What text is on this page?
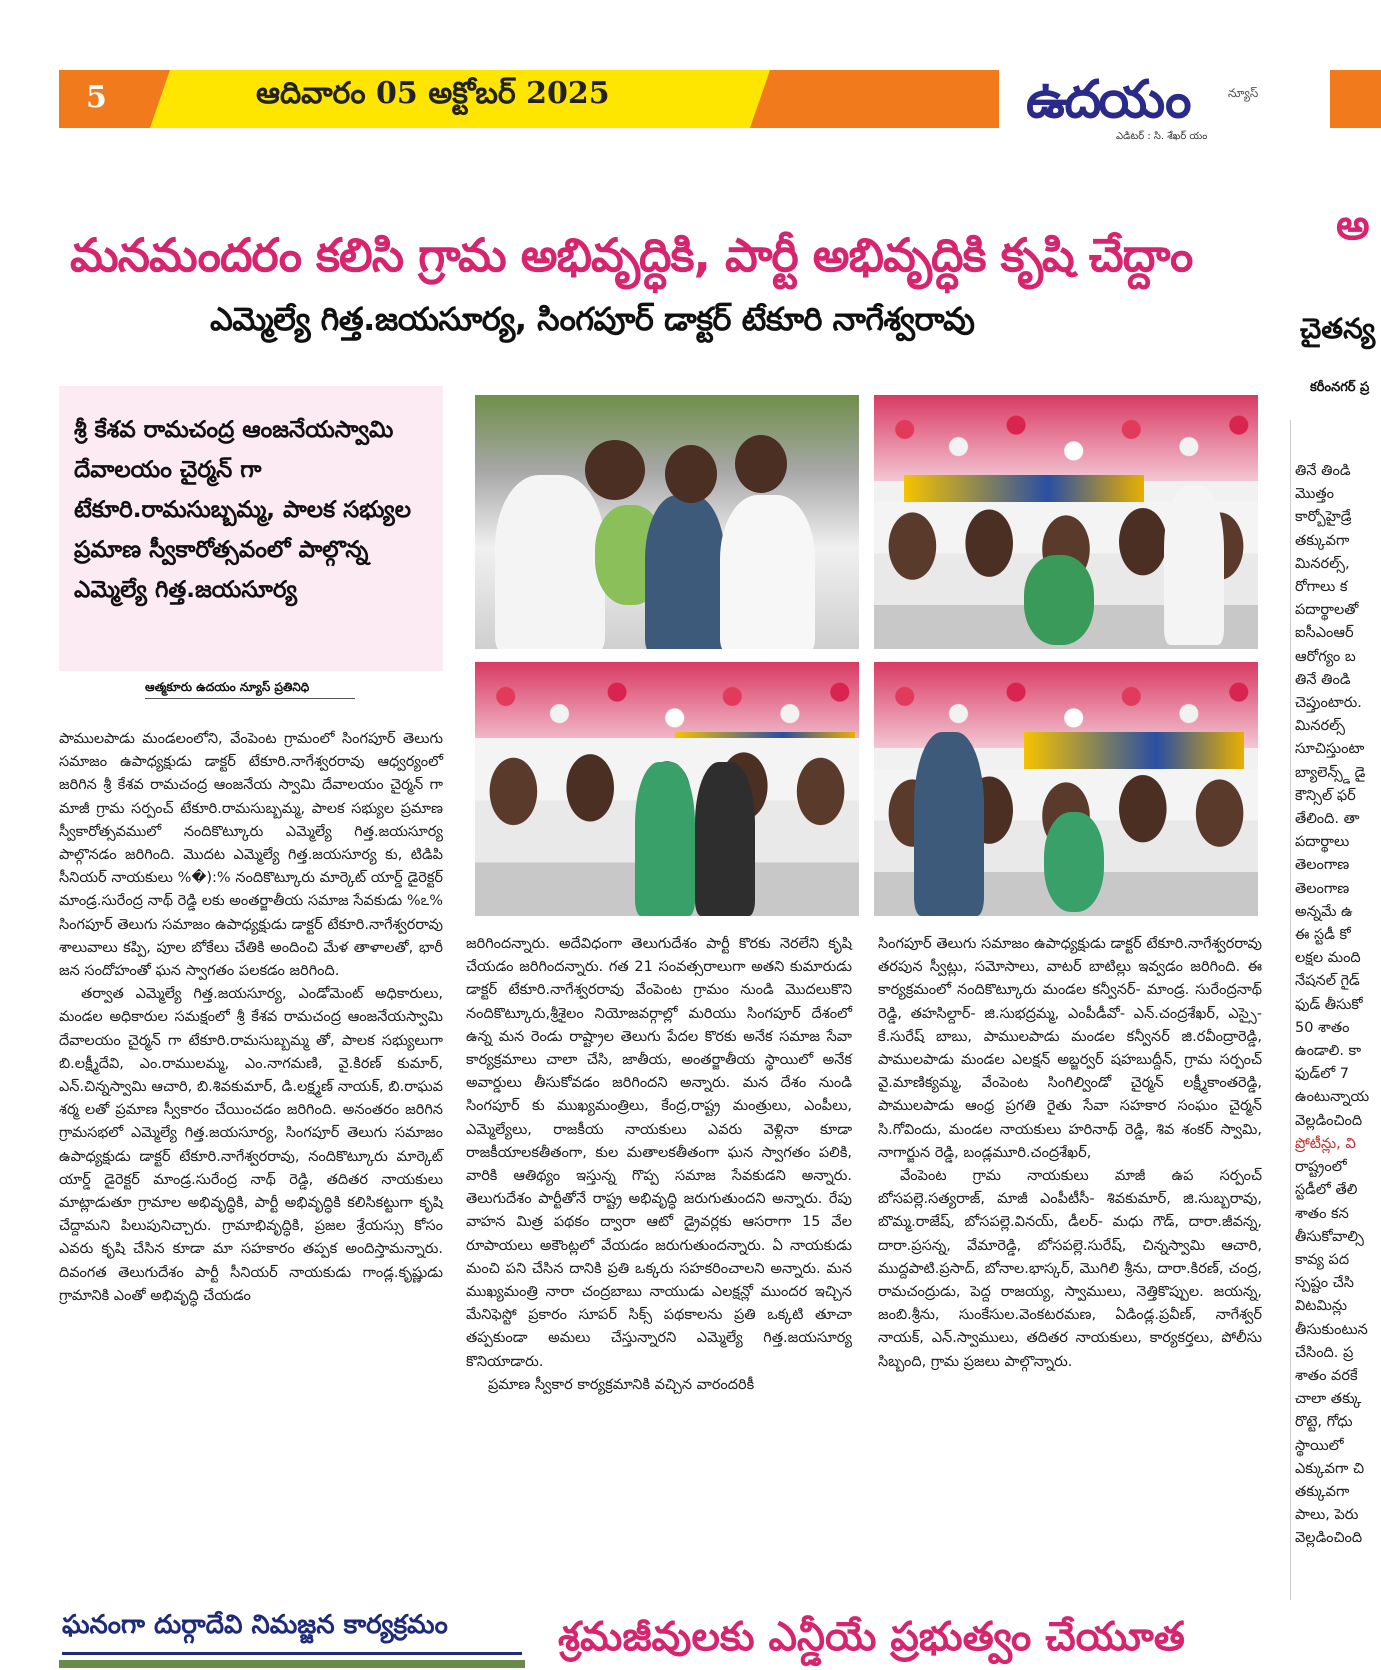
5	ఆదివారం 05 అక్టోబర్ 2025	ఉదయం	న్యూస్
ఎడిటర్ : సి. శేఖర్ యం
మనమందరం కలిసి గ్రామ అభివృద్ధికి, పార్టీ అభివృద్ధికి కృషి చేద్దాం
ఎమ్మెల్యే గిత్త.జయసూర్య, సింగపూర్ డాక్టర్ టేకూరి నాగేశ్వరావు
అ
చైతన్య
కరీంనగర్ ప్ర
తినే తిండి
మొత్తం
కార్బోహైడ్రే
తక్కువగా
మినరల్స్,
రోగాలు క
పదార్థాలతో
ఐసీఎంఆర్
ఆరోగ్యం బ
తినే తిండి
చెప్తుంటారు.
మినరల్స్
సూచిస్తుంటా
బ్యాలెన్స్డ్ డై
కౌన్సిల్ ఫర్
తేలింది. తా
పదార్థాలు
తెలంగాణ
తెలంగాణ
అన్నమే ఉ
ఈ స్టడీ కో
లక్షల మంది
నేషనల్ గైడ్
ఫుడ్ తీసుకో
50 శాతం
ఉండాలి. కా
ఫుడ్‌లో 7
ఉంటున్నాయ
వెల్లడించింది
ప్రోటీన్లు, వి
రాష్ట్రంలో
స్టడీలో తేలి
శాతం కన
తీసుకోవాల్సి
కావ్య పద
స్పష్టం చేసి
విటమిన్లు
తీసుకుంటున
చేసింది. ప్ర
శాతం వరకే
చాలా తక్కు
రొట్టె, గోధు
స్థాయిలో
ఎక్కువగా చి
తక్కువగా
పాలు, పెరు
వెల్లడించింది
శ్రీ కేశవ రామచంద్ర ఆంజనేయస్వామి దేవాలయం చైర్మన్ గా టేకూరి.రామసుబ్బమ్మ, పాలక సభ్యుల ప్రమాణ స్వీకారోత్సవంలో పాల్గొన్న ఎమ్మెల్యే గిత్త.జయసూర్య
ఆత్మకూరు ఉదయం న్యూస్ ప్రతినిధి

పాములపాడు మండలంలోని, వేంపెంట గ్రామంలో సింగపూర్ తెలుగు సమాజం ఉపాధ్యక్షుడు డాక్టర్ టేకూరి.నాగేశ్వరరావు ఆధ్వర్యంలో జరిగిన శ్రీ కేశవ రామచంద్ర ఆంజనేయ స్వామి దేవాలయం చైర్మన్ గా మాజీ గ్రామ సర్పంచ్ టేకూరి.రామసుబ్బమ్మ, పాలక సభ్యుల ప్రమాణ స్వీకారోత్సవములో నందికొట్కూరు ఎమ్మెల్యే గిత్త.జయసూర్య పాల్గొనడం జరిగింది. మొదట ఎమ్మెల్యే గిత్త.జయసూర్య కు, టిడిపి సీనియర్ నాయకులు %�):% నందికొట్కూరు మార్కెట్ యార్డ్ డైరెక్టర్ మాండ్ర.సురేంద్ర నాథ్ రెడ్డి లకు అంతర్జాతీయ సమాజ సేవకుడు %ఽ% సింగపూర్ తెలుగు సమాజం ఉపాధ్యక్షుడు డాక్టర్ టేకూరి.నాగేశ్వరరావు శాలువాలు కప్పి, పూల బోకేలు చేతికి అందించి మేళ తాళాలతో, భారీ జన సందోహంతో ఘన స్వాగతం పలకడం జరిగింది.

తర్వాత ఎమ్మెల్యే గిత్త.జయసూర్య, ఎండోమెంట్ అధికారులు, మండల అధికారుల సమక్షంలో శ్రీ కేశవ రామచంద్ర ఆంజనేయస్వామి దేవాలయం చైర్మన్ గా టేకూరి.రామసుబ్బమ్మ తో, పాలక సభ్యులుగా బి.లక్ష్మీదేవి, ఎం.రాములమ్మ, ఎం.నాగమణి, వై.కిరణ్ కుమార్, ఎన్.చిన్నస్వామి ఆచారి, బి.శివకుమార్, డి.లక్ష్మణ్ నాయక్, బి.రాఘవ శర్మ లతో ప్రమాణ స్వీకారం చేయించడం జరిగింది. అనంతరం జరిగిన గ్రామసభలో ఎమ్మెల్యే గిత్త.జయసూర్య, సింగపూర్ తెలుగు సమాజం ఉపాధ్యక్షుడు డాక్టర్ టేకూరి.నాగేశ్వరరావు, నందికొట్కూరు మార్కెట్ యార్డ్ డైరెక్టర్ మాండ్ర.సురేంద్ర నాథ్ రెడ్డి, తదితర నాయకులు మాట్లాడుతూ గ్రామాల అభివృద్ధికి, పార్టీ అభివృద్ధికి కలిసికట్టుగా కృషి చేద్దామని పిలుపునిచ్చారు. గ్రామాభివృద్ధికి, ప్రజల శ్రేయస్సు కోసం ఎవరు కృషి చేసిన కూడా మా సహకారం తప్పక అందిస్తామన్నారు. దివంగత తెలుగుదేశం పార్టీ సీనియర్ నాయకుడు గాండ్ల.కృష్ణుడు గ్రామానికి ఎంతో అభివృద్ధి చేయడం

జరిగిందన్నారు. అదేవిధంగా తెలుగుదేశం పార్టీ కొరకు నెరలేని కృషి చేయడం జరిగిందన్నారు. గత 21 సంవత్సరాలుగా అతని కుమారుడు డాక్టర్ టేకూరి.నాగేశ్వరరావు వేంపెంట గ్రామం నుండి మొదలుకొని నందికొట్కూరు,శ్రీశైలం నియోజవర్గాల్లో మరియు సింగపూర్ దేశంలో ఉన్న మన రెండు రాష్ట్రాల తెలుగు పేదల కొరకు అనేక సమాజ సేవా కార్యక్రమాలు చాలా చేసి, జాతీయ, అంతర్జాతీయ స్థాయిలో అనేక అవార్డులు తీసుకోవడం జరిగిందని అన్నారు. మన దేశం నుండి సింగపూర్ కు ముఖ్యమంత్రిలు, కేంద్ర,రాష్ట్ర మంత్రులు, ఎంపీలు, ఎమ్మెల్యేలు, రాజకీయ నాయకులు ఎవరు వెళ్లినా కూడా రాజకీయాలకతీతంగా, కుల మతాలకతీతంగా ఘన స్వాగతం పలికి, వారికి ఆతిథ్యం ఇస్తున్న గొప్ప సమాజ సేవకుడని అన్నారు. తెలుగుదేశం పార్టీతోనే రాష్ట్ర అభివృద్ధి జరుగుతుందని అన్నారు. రేపు వాహన మిత్ర పథకం ద్వారా ఆటో డ్రైవర్లకు ఆసరాగా 15 వేల రూపాయలు అకౌంట్లలో వేయడం జరుగుతుందన్నారు. ఏ నాయకుడు మంచి పని చేసిన దానికి ప్రతి ఒక్కరు సహకరించాలని అన్నారు. మన ముఖ్యమంత్రి నారా చంద్రబాబు నాయుడు ఎలక్షన్లో ముందర ఇచ్చిన మేనిఫెస్టో ప్రకారం సూపర్ సిక్స్ పథకాలను ప్రతి ఒక్కటి తూచా తప్పకుండా అమలు చేస్తున్నారని ఎమ్మెల్యే గిత్త.జయసూర్య కొనియాడారు.

ప్రమాణ స్వీకార కార్యక్రమానికి వచ్చిన వారందరికీ

సింగపూర్ తెలుగు సమాజం ఉపాధ్యక్షుడు డాక్టర్ టేకూరి.నాగేశ్వరరావు తరపున స్వీట్లు, సమోసాలు, వాటర్ బాటిల్లు ఇవ్వడం జరిగింది. ఈ కార్యక్రమంలో నందికొట్కూరు మండల కన్వీనర్- మాండ్ర. సురేంద్రనాథ్ రెడ్డి, తహసిల్దార్- జి.సుభద్రమ్మ, ఎంపీడీవో- ఎన్.చంద్రశేఖర్, ఎస్సై- కే.సురేష్ బాబు, పాములపాడు మండల కన్వీనర్ జి.రవీంద్రారెడ్డి, పాములపాడు మండల ఎలక్షన్ అబ్జర్వర్ షహబుద్దీన్, గ్రామ సర్పంచ్ వై.మాణిక్యమ్మ, వేంపెంట సింగిల్విండో చైర్మన్ లక్ష్మీకాంతరెడ్డి, పాములపాడు ఆంధ్ర ప్రగతి రైతు సేవా సహకార సంఘం చైర్మన్ సి.గోవిందు, మండల నాయకులు హరినాథ్ రెడ్డి, శివ శంకర్ స్వామి, నాగార్జున రెడ్డి, బండ్లమూరి.చంద్రశేఖర్,

వేంపెంట గ్రామ నాయకులు మాజీ ఉప సర్పంచ్ బోసపల్లె.సత్యరాజ్, మాజీ ఎంపీటీసీ- శివకుమార్, జి.సుబ్బరావు, బొమ్మ.రాజేష్, బోసపల్లె.వినయ్, డీలర్- మధు గౌడ్, దారా.జీవన్న, దారా.ప్రసన్న, వేమారెడ్డి, బోసపల్లె.సురేష్, చిన్నస్వామి ఆచారి, ముద్దపాటి.ప్రసాద్, బోనాల.భాస్కర్, మొగిలి శ్రీను, దారా.కిరణ్, చంద్ర, రామచంద్రుడు, పెద్ద రాజయ్య, స్వాములు, నెత్తికొప్పుల. జయన్న, జంబి.శ్రీను, సుంకేసుల.వెంకటరమణ, ఏడిండ్ల.ప్రవీణ్, నాగేశ్వర్ నాయక్, ఎన్.స్వాములు, తదితర నాయకులు, కార్యకర్తలు, పోలీసు సిబ్బంది, గ్రామ ప్రజలు పాల్గొన్నారు.

ఘనంగా దుర్గాదేవి నిమజ్జన కార్యక్రమం	శ్రమజీవులకు ఎన్డీయే ప్రభుత్వం చేయూత
